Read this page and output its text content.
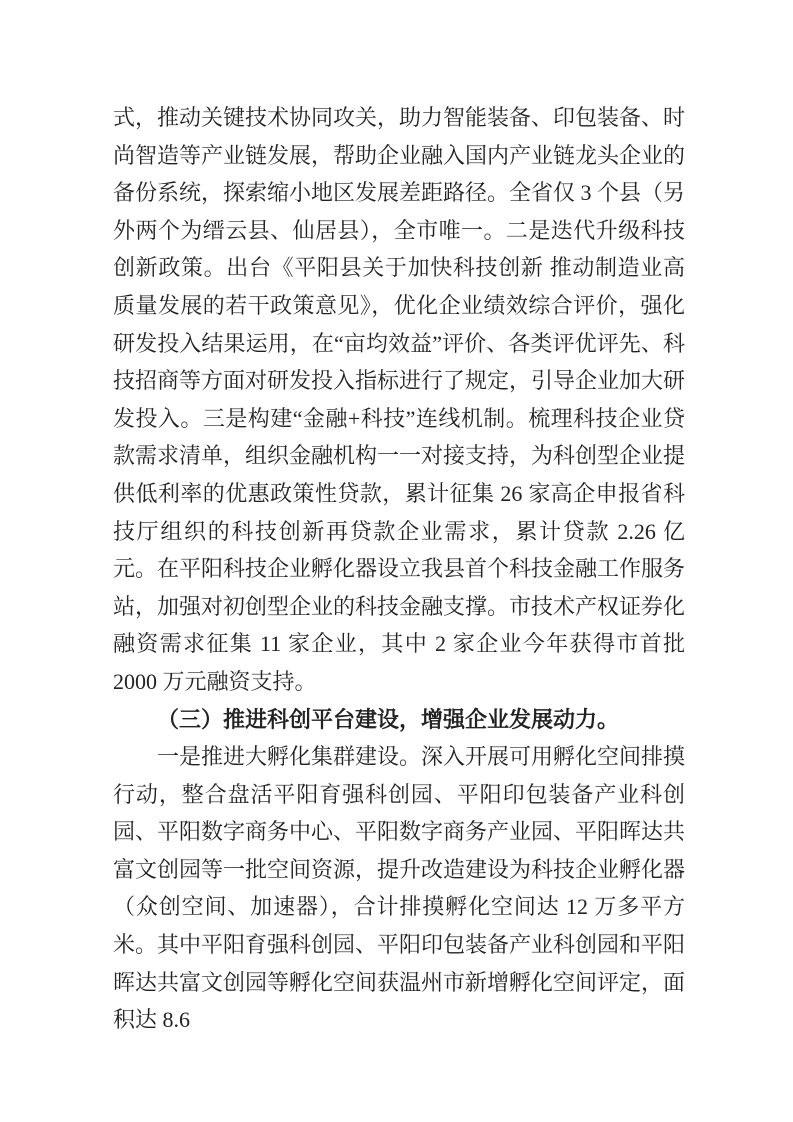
式，推动关键技术协同攻关，助力智能装备、印包装备、时尚智造等产业链发展，帮助企业融入国内产业链龙头企业的备份系统，探索缩小地区发展差距路径。全省仅 3 个县（另外两个为缙云县、仙居县），全市唯一。二是迭代升级科技创新政策。出台《平阳县关于加快科技创新 推动制造业高质量发展的若干政策意见》，优化企业绩效综合评价，强化研发投入结果运用，在“亩均效益”评价、各类评优评先、科技招商等方面对研发投入指标进行了规定，引导企业加大研发投入。三是构建“金融+科技”连线机制。梳理科技企业贷款需求清单，组织金融机构一一对接支持，为科创型企业提供低利率的优惠政策性贷款，累计征集 26 家高企申报省科技厅组织的科技创新再贷款企业需求，累计贷款 2.26 亿元。在平阳科技企业孵化器设立我县首个科技金融工作服务站，加强对初创型企业的科技金融支撑。市技术产权证券化融资需求征集 11 家企业，其中 2 家企业今年获得市首批 2000 万元融资支持。

（三）推进科创平台建设，增强企业发展动力。

一是推进大孵化集群建设。深入开展可用孵化空间排摸行动，整合盘活平阳育强科创园、平阳印包装备产业科创园、平阳数字商务中心、平阳数字商务产业园、平阳晖达共富文创园等一批空间资源，提升改造建设为科技企业孵化器（众创空间、加速器），合计排摸孵化空间达 12 万多平方米。其中平阳育强科创园、平阳印包装备产业科创园和平阳晖达共富文创园等孵化空间获温州市新增孵化空间评定，面积达 8.6
